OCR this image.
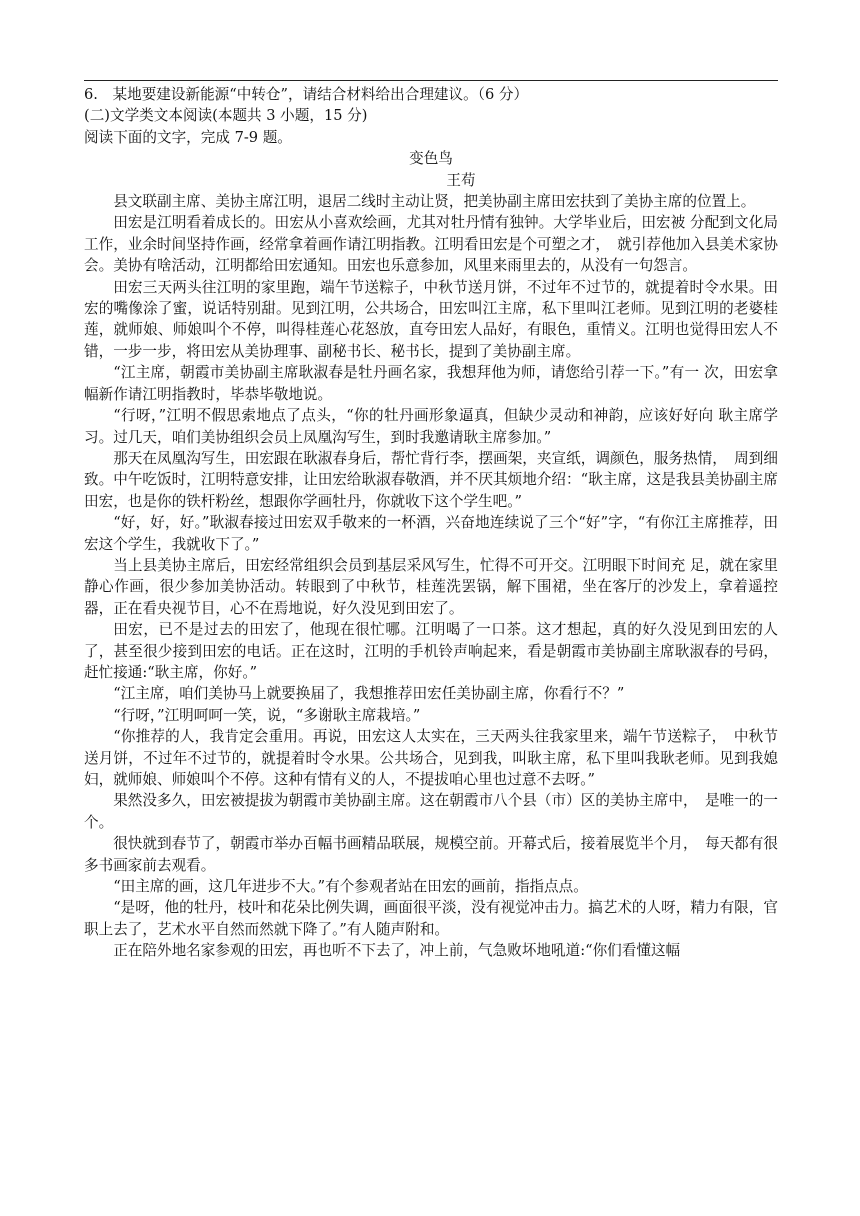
6.　某地要建设新能源“中转仓”，请结合材料给出合理建议。（6 分）

(二)文学类文本阅读(本题共 3 小题，15 分)

阅读下面的文字，完成 7-9 题。

变色鸟

王苟

县文联副主席、美协主席江明，退居二线时主动让贤，把美协副主席田宏扶到了美协主席的位置上。

田宏是江明看着成长的。田宏从小喜欢绘画，尤其对牡丹情有独钟。大学毕业后，田宏被 分配到文化局工作，业余时间坚持作画，经常拿着画作请江明指教。江明看田宏是个可塑之才，　就引荐他加入县美术家协会。美协有啥活动，江明都给田宏通知。田宏也乐意参加，风里来雨里去的，从没有一句怨言。

田宏三天两头往江明的家里跑，端午节送粽子，中秋节送月饼，不过年不过节的，就提着时令水果。田宏的嘴像涂了蜜，说话特别甜。见到江明，公共场合，田宏叫江主席，私下里叫江老师。见到江明的老婆桂莲，就师娘、师娘叫个不停，叫得桂莲心花怒放，直夸田宏人品好，有眼色，重情义。江明也觉得田宏人不错，一步一步，将田宏从美协理事、副秘书长、秘书长，提到了美协副主席。

“江主席，朝霞市美协副主席耿淑春是牡丹画名家，我想拜他为师，请您给引荐一下。”有一 次，田宏拿幅新作请江明指教时，毕恭毕敬地说。

“行呀，”江明不假思索地点了点头，“你的牡丹画形象逼真，但缺少灵动和神韵，应该好好向 耿主席学习。过几天，咱们美协组织会员上凤凰沟写生，到时我邀请耿主席参加。”

那天在凤凰沟写生，田宏跟在耿淑春身后，帮忙背行李，摆画架，夹宣纸，调颜色，服务热情，　周到细致。中午吃饭时，江明特意安排，让田宏给耿淑春敬酒，并不厌其烦地介绍：“耿主席，这是我县美协副主席田宏，也是你的铁杆粉丝，想跟你学画牡丹，你就收下这个学生吧。”

“好，好，好。”耿淑春接过田宏双手敬来的一杯酒，兴奋地连续说了三个“好”字，“有你江主席推荐，田宏这个学生，我就收下了。”

当上县美协主席后，田宏经常组织会员到基层采风写生，忙得不可开交。江明眼下时间充 足，就在家里静心作画，很少参加美协活动。转眼到了中秋节，桂莲洗罢锅，解下围裙，坐在客厅的沙发上，拿着遥控器，正在看央视节目，心不在焉地说，好久没见到田宏了。

田宏，已不是过去的田宏了，他现在很忙哪。江明喝了一口茶。这才想起，真的好久没见到田宏的人了，甚至很少接到田宏的电话。正在这时，江明的手机铃声响起来，看是朝霞市美协副主席耿淑春的号码，赶忙接通:“耿主席，你好。”

“江主席，咱们美协马上就要换届了，我想推荐田宏任美协副主席，你看行不？”

“行呀，”江明呵呵一笑，说，“多谢耿主席栽培。”

“你推荐的人，我肯定会重用。再说，田宏这人太实在，三天两头往我家里来，端午节送粽子，　中秋节送月饼，不过年不过节的，就提着时令水果。公共场合，见到我，叫耿主席，私下里叫我耿老师。见到我媳妇，就师娘、师娘叫个不停。这种有情有义的人，不提拔咱心里也过意不去呀。”

果然没多久，田宏被提拔为朝霞市美协副主席。这在朝霞市八个县（市）区的美协主席中，　是唯一的一个。

很快就到春节了，朝霞市举办百幅书画精品联展，规模空前。开幕式后，接着展览半个月，　每天都有很多书画家前去观看。

“田主席的画，这几年进步不大。”有个参观者站在田宏的画前，指指点点。

“是呀，他的牡丹，枝叶和花朵比例失调，画面很平淡，没有视觉冲击力。搞艺术的人呀，精力有限，官职上去了，艺术水平自然而然就下降了。”有人随声附和。

正在陪外地名家参观的田宏，再也听不下去了，冲上前，气急败坏地吼道:“你们看懂这幅
